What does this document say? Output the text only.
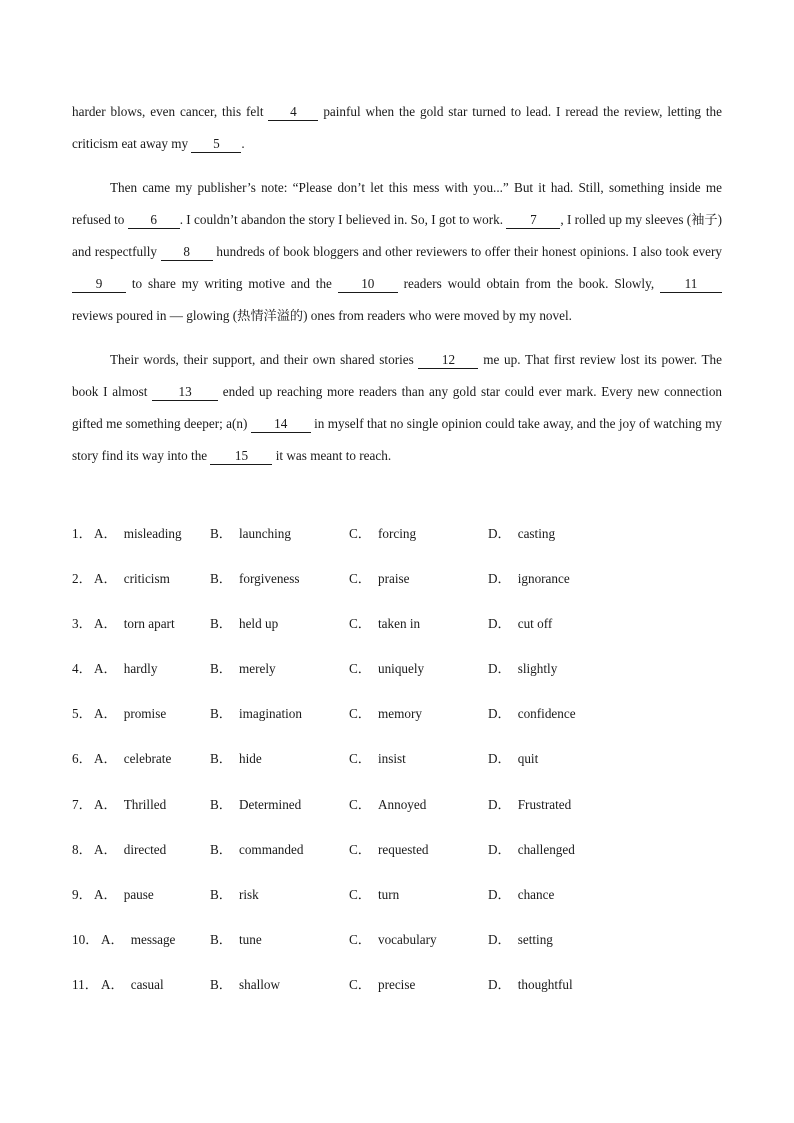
harder blows, even cancer, this felt 4 painful when the gold star turned to lead. I reread the review, letting the criticism eat away my 5 .

Then came my publisher’s note: “Please don’t let this mess with you...” But it had. Still, something inside me refused to 6 . I couldn’t abandon the story I believed in. So, I got to work. 7 , I rolled up my sleeves (袖子) and respectfully 8 hundreds of book bloggers and other reviewers to offer their honest opinions. I also took every 9 to share my writing motive and the 10 readers would obtain from the book. Slowly, 11 reviews poured in — glowing (热情洋溢的) ones from readers who were moved by my novel.

Their words, their support, and their own shared stories 12 me up. That first review lost its power. The book I almost 13 ended up reaching more readers than any gold star could ever mark. Every new connection gifted me something deeper; a(n) 14 in myself that no single opinion could take away, and the joy of watching my story find its way into the 15 it was meant to reach.

1． A． misleading B． launching	C． forcing	D． casting
2． A． criticism	B． forgiveness	C． praise	D． ignorance
3． A． torn apart	B． held up	C． taken in	D． cut off
4． A． hardly	B． merely	C． uniquely	D． slightly
5． A． promise	B． imagination	C． memory	D． confidence
6． A． celebrate	B． hide	C． insist	D． quit
7． A． Thrilled	B． Determined	C． Annoyed	D． Frustrated
8． A． directed	B． commanded	C． requested	D． challenged
9． A． pause	B． risk	C． turn	D． chance
10． A． message	B． tune	C． vocabulary	D． setting
11． A． casual	B． shallow	C． precise	D． thoughtful
